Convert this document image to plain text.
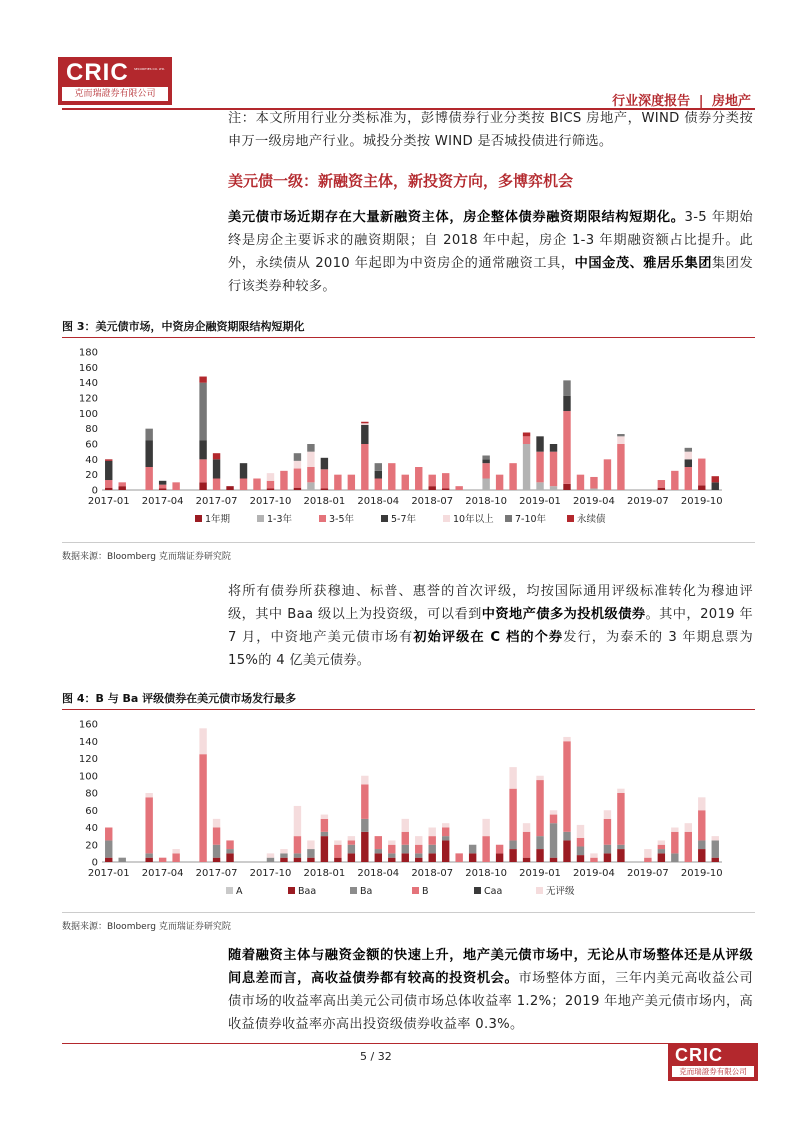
CRIC
克而瑞證券有限公司
SECURITIES CO. LTD.
行业深度报告 | 房地产
注：本文所用行业分类标准为，彭博债券行业分类按 BICS 房地产，WIND 债券分类按申万一级房地产行业。城投分类按 WIND 是否城投债进行筛选。
美元债一级：新融资主体，新投资方向，多博弈机会
美元债市场近期存在大量新融资主体，房企整体债券融资期限结构短期化。3-5 年期始终是房企主要诉求的融资期限；自 2018 年中起，房企 1-3 年期融资额占比提升。此外，永续债从 2010 年起即为中资房企的通常融资工具，中国金茂、雅居乐集团集团发行该类券种较多。
图 3：美元债市场，中资房企融资期限结构短期化
0
20
40
60
80
100
120
140
160
180
2017-01 2017-04 2017-07 2017-10 2018-01 2018-04 2018-07 2018-10 2019-01 2019-04 2019-07 2019-10
1年期	1-3年	3-5年	5-7年	10年以上 7-10年	永续债
数据来源：Bloomberg 克而瑞证券研究院
将所有债券所获穆迪、标普、惠誉的首次评级，均按国际通用评级标准转化为穆迪评级，其中 Baa 级以上为投资级，可以看到中资地产债多为投机级债券。其中，2019 年 7 月，中资地产美元债市场有初始评级在 C 档的个券发行，为泰禾的 3 年期息票为 15%的 4 亿美元债券。
图 4：B 与 Ba 评级债券在美元债市场发行最多
0
20
40
60
80
100
120
140
160
2017-01 2017-04 2017-07 2017-10 2018-01 2018-04 2018-07 2018-10 2019-01 2019-04 2019-07 2019-10
A	Baa	Ba	B	Caa	无评级
数据来源：Bloomberg 克而瑞证券研究院
随着融资主体与融资金额的快速上升，地产美元债市场中，无论从市场整体还是从评级间息差而言，高收益债券都有较高的投资机会。市场整体方面，三年内美元高收益公司债市场的收益率高出美元公司债市场总体收益率 1.2%；2019 年地产美元债市场内，高收益债券收益率亦高出投资级债券收益率 0.3%。
5 / 32	CRIC
克而瑞證券有限公司
